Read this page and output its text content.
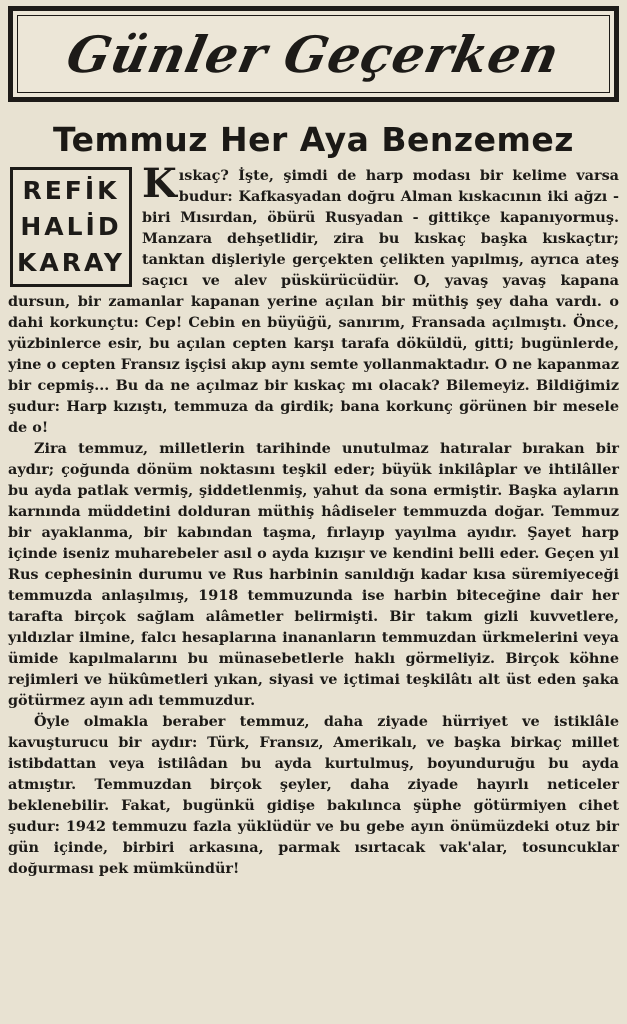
Günler Geçerken
Temmuz Her Aya Benzemez
REFİK
HALİD
KARAY

Kıskaç? İşte, şimdi de harp modası bir kelime varsa budur: Kafkasyadan doğru Alman kıskacının iki ağzı - biri Mısırdan, öbürü Rusyadan - gittikçe kapanıyormuş. Manzara dehşetlidir, zira bu kıskaç başka kıskaçtır; tanktan dişleriyle gerçekten çelikten yapılmış, ayrıca ateş saçıcı ve alev püskürücüdür. O, yavaş yavaş kapana dursun, bir zamanlar kapanan yerine açılan bir müthiş şey daha vardı. o dahi korkunçtu: Cep! Cebin en büyüğü, sanırım, Fransada açılmıştı. Önce, yüzbinlerce esir, bu açılan cepten karşı tarafa döküldü, gitti; bugünlerde, yine o cepten Fransız işçisi akıp aynı semte yollanmaktadır. O ne kapanmaz bir cepmiş... Bu da ne açılmaz bir kıskaç mı olacak? Bilemeyiz. Bildiğimiz şudur: Harp kızıştı, temmuza da girdik; bana korkunç görünen bir mesele de o!

Zira temmuz, milletlerin tarihinde unutulmaz hatıralar bırakan bir aydır; çoğunda dönüm noktasını teşkil eder; büyük inkilâplar ve ihtilâller bu ayda patlak vermiş, şiddetlenmiş, yahut da sona ermiştir. Başka ayların karnında müddetini dolduran müthiş hâdiseler temmuzda doğar. Temmuz bir ayaklanma, bir kabından taşma, fırlayıp yayılma ayıdır. Şayet harp içinde iseniz muharebeler asıl o ayda kızışır ve kendini belli eder. Geçen yıl Rus cephesinin durumu ve Rus harbinin sanıldığı kadar kısa süremiyeceği temmuzda anlaşılmış, 1918 temmuzunda ise harbin biteceğine dair her tarafta birçok sağlam alâmetler belirmişti. Bir takım gizli kuvvetlere, yıldızlar ilmine, falcı hesaplarına inananların temmuzdan ürkmelerini veya ümide kapılmalarını bu münasebetlerle haklı görmeliyiz. Birçok köhne rejimleri ve hükûmetleri yıkan, siyasi ve içtimai teşkilâtı alt üst eden şaka götürmez ayın adı temmuzdur.

Öyle olmakla beraber temmuz, daha ziyade hürriyet ve istiklâle kavuşturucu bir aydır: Türk, Fransız, Amerikalı, ve başka birkaç millet istibdattan veya istilâdan bu ayda kurtulmuş, boyunduruğu bu ayda atmıştır. Temmuzdan birçok şeyler, daha ziyade hayırlı neticeler beklenebilir. Fakat, bugünkü gidişe bakılınca şüphe götürmiyen cihet şudur: 1942 temmuzu fazla yüklüdür ve bu gebe ayın önümüzdeki otuz bir gün içinde, birbiri arkasına, parmak ısırtacak vak'alar, tosuncuklar doğurması pek mümkündür!
